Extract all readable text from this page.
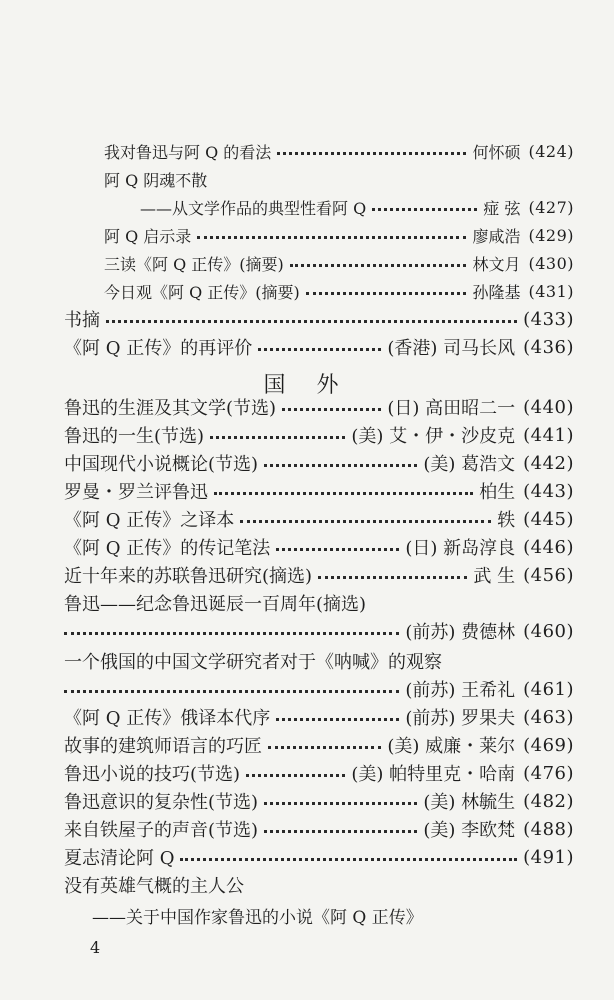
我对鲁迅与阿 Q 的看法	何怀硕 (424)
阿 Q 阴魂不散
——从文学作品的典型性看阿 Q	痖 弦 (427)
阿 Q 启示录	廖咸浩 (429)
三读《阿 Q 正传》(摘要)	林文月 (430)
今日观《阿 Q 正传》(摘要)	孙隆基 (431)
书摘	(433)
《阿 Q 正传》的再评价	(香港) 司马长风 (436)
国 外
鲁迅的生涯及其文学(节选)	(日) 高田昭二一 (440)
鲁迅的一生(节选)	(美) 艾・伊・沙皮克 (441)
中国现代小说概论(节选)	(美) 葛浩文 (442)
罗曼・罗兰评鲁迅	柏生 (443)
《阿 Q 正传》之译本	轶 (445)
《阿 Q 正传》的传记笔法	(日) 新岛淳良 (446)
近十年来的苏联鲁迅研究(摘选)	武 生 (456)
鲁迅——纪念鲁迅诞辰一百周年(摘选)
(前苏) 费德林 (460)
一个俄国的中国文学研究者对于《呐喊》的观察
(前苏) 王希礼 (461)
《阿 Q 正传》俄译本代序	(前苏) 罗果夫 (463)
故事的建筑师语言的巧匠	(美) 威廉・莱尔 (469)
鲁迅小说的技巧(节选)	(美) 帕特里克・哈南 (476)
鲁迅意识的复杂性(节选)	(美) 林毓生 (482)
来自铁屋子的声音(节选)	(美) 李欧梵 (488)
夏志清论阿 Q	(491)
没有英雄气概的主人公
——关于中国作家鲁迅的小说《阿 Q 正传》
4
